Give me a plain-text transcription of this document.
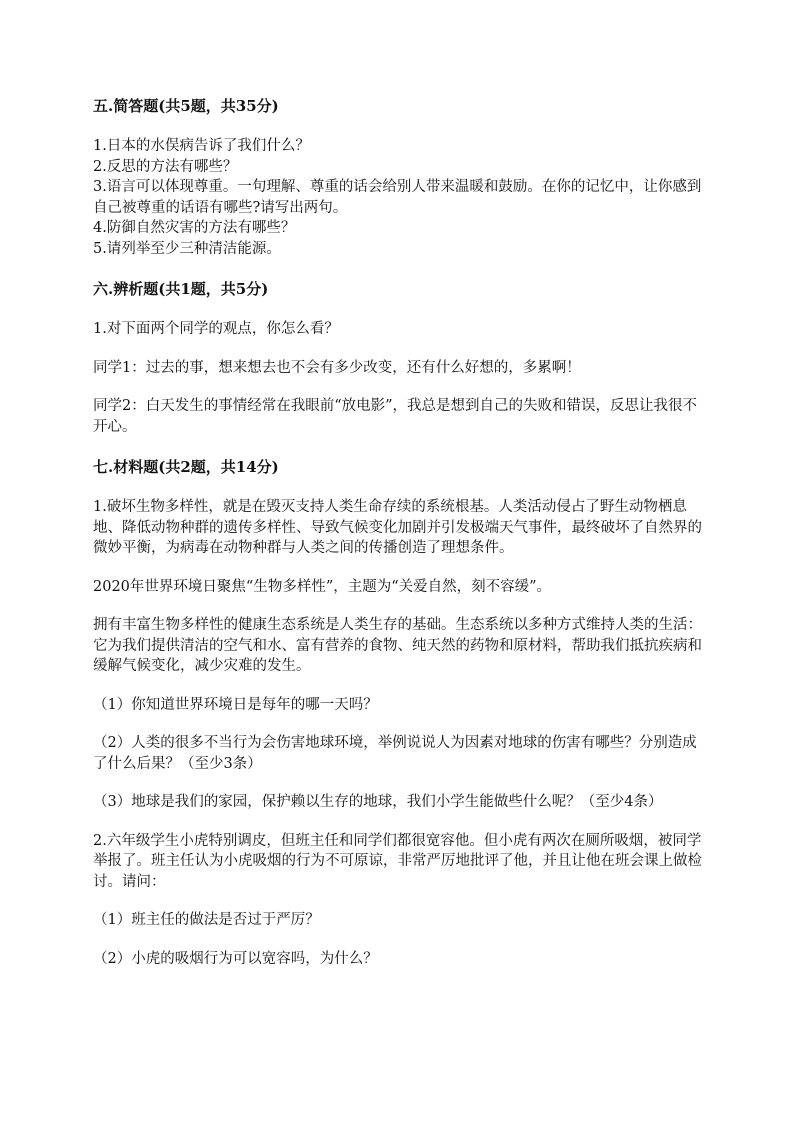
五.简答题(共5题，共35分)
1.日本的水俣病告诉了我们什么？
2.反思的方法有哪些？
3.语言可以体现尊重。一句理解、尊重的话会给别人带来温暖和鼓励。在你的记忆中，让你感到自己被尊重的话语有哪些?请写出两句。
4.防御自然灾害的方法有哪些？
5.请列举至少三种清洁能源。
六.辨析题(共1题，共5分)
1.对下面两个同学的观点，你怎么看？
同学1：过去的事，想来想去也不会有多少改变，还有什么好想的，多累啊！
同学2：白天发生的事情经常在我眼前“放电影”，我总是想到自己的失败和错误，反思让我很不开心。
七.材料题(共2题，共14分)
1.破坏生物多样性，就是在毁灭支持人类生命存续的系统根基。人类活动侵占了野生动物栖息地、降低动物种群的遗传多样性、导致气候变化加剧并引发极端天气事件，最终破坏了自然界的微妙平衡，为病毒在动物种群与人类之间的传播创造了理想条件。
2020年世界环境日聚焦“生物多样性”，主题为“关爱自然，刻不容缓”。
拥有丰富生物多样性的健康生态系统是人类生存的基础。生态系统以多种方式维持人类的生活：它为我们提供清洁的空气和水、富有营养的食物、纯天然的药物和原材料，帮助我们抵抗疾病和缓解气候变化，减少灾难的发生。
（1）你知道世界环境日是每年的哪一天吗？
（2）人类的很多不当行为会伤害地球环境，举例说说人为因素对地球的伤害有哪些？分别造成了什么后果？（至少3条）
（3）地球是我们的家园，保护赖以生存的地球，我们小学生能做些什么呢？（至少4条）
2.六年级学生小虎特别调皮，但班主任和同学们都很宽容他。但小虎有两次在厕所吸烟，被同学举报了。班主任认为小虎吸烟的行为不可原谅，非常严厉地批评了他，并且让他在班会课上做检讨。请问：
（1）班主任的做法是否过于严厉？
（2）小虎的吸烟行为可以宽容吗，为什么？
